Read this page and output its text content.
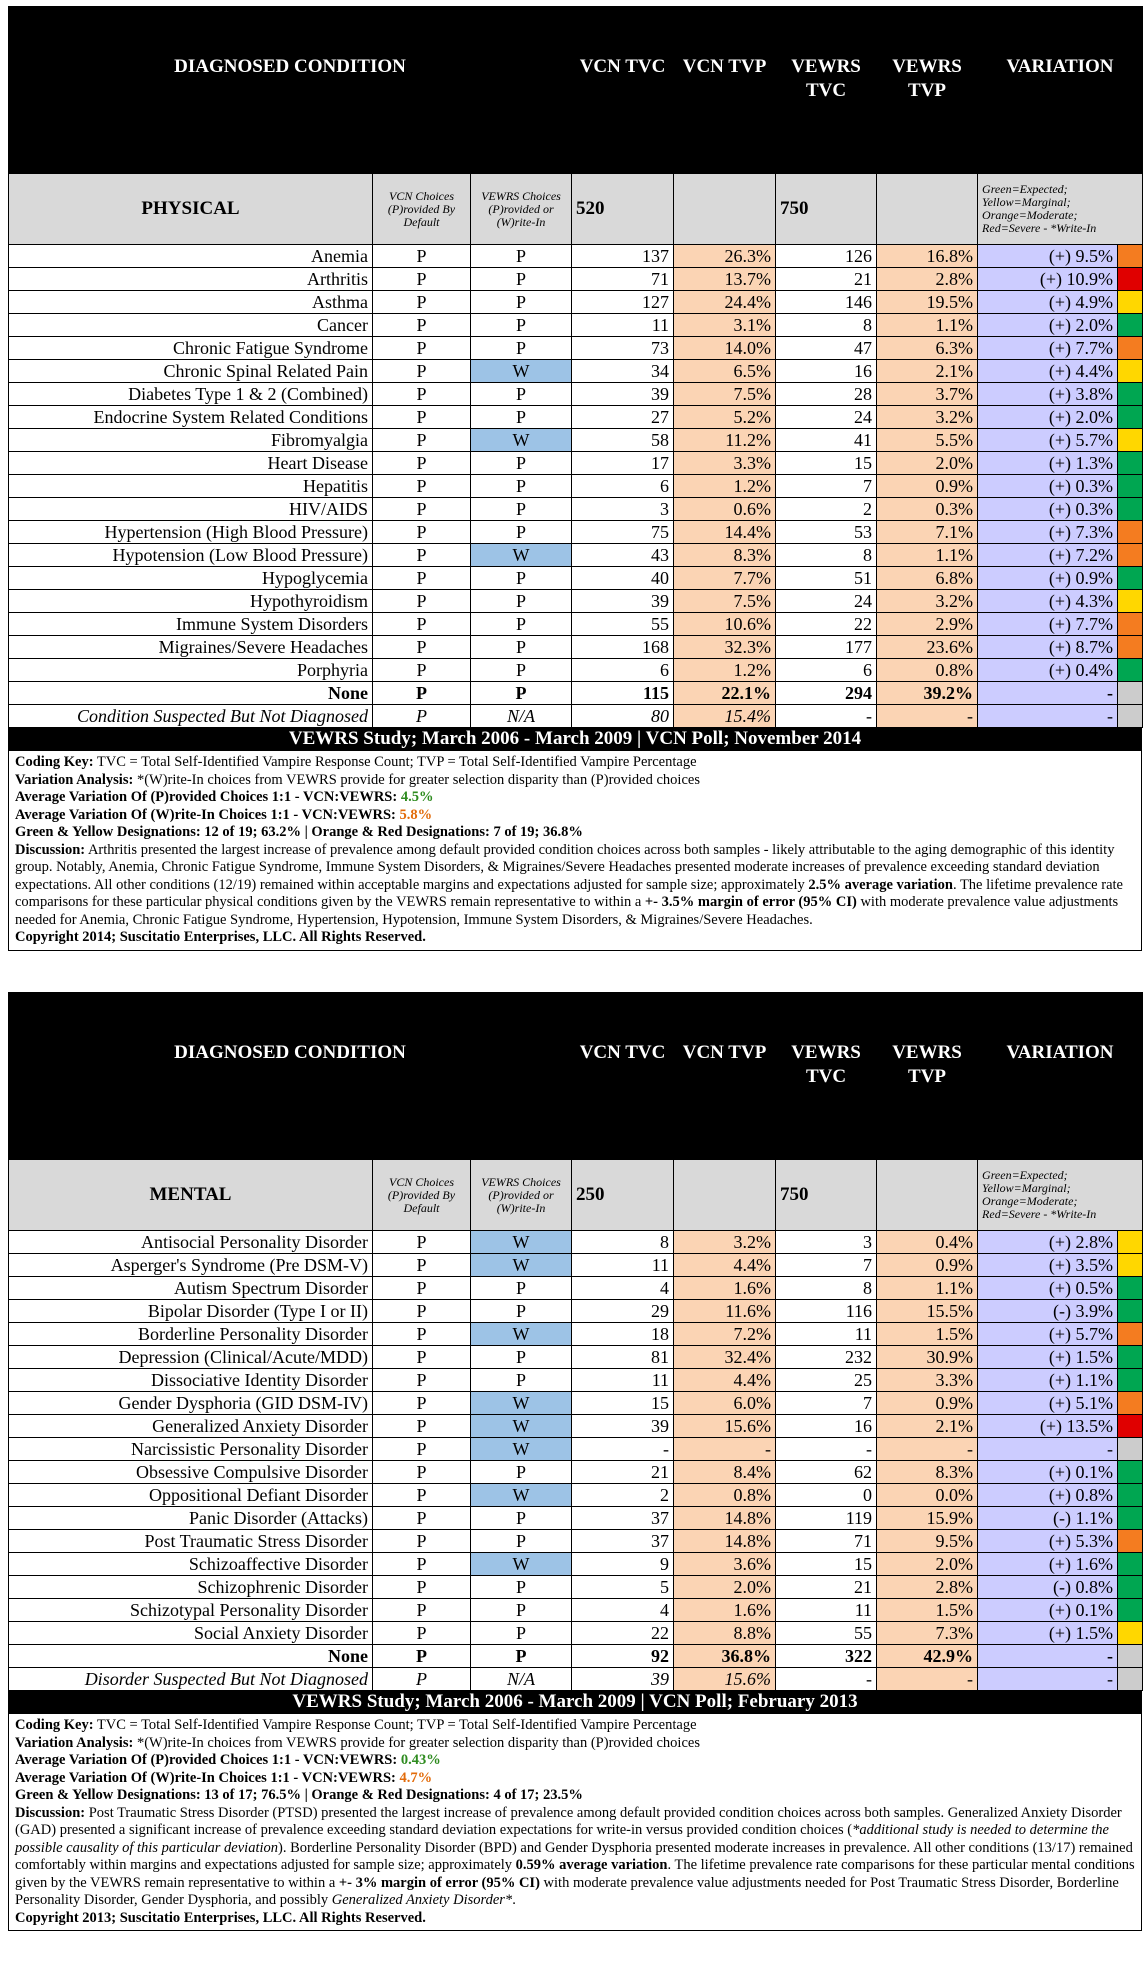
DIAGNOSED CONDITION			VCN TVC	VCN TVP	VEWRS TVC	VEWRS TVP	VARIATION	
PHYSICAL	VCN Choices (P)rovided By Default	VEWRS Choices (P)rovided or (W)rite-In	520		750		Green=Expected; Yellow=Marginal; Orange=Moderate; Red=Severe - *Write-In	
Anemia	P	P	137	26.3%	126	16.8%	(+) 9.5%	
Arthritis	P	P	71	13.7%	21	2.8%	(+) 10.9%	
Asthma	P	P	127	24.4%	146	19.5%	(+) 4.9%	
Cancer	P	P	11	3.1%	8	1.1%	(+) 2.0%	
Chronic Fatigue Syndrome	P	P	73	14.0%	47	6.3%	(+) 7.7%	
Chronic Spinal Related Pain	P	W	34	6.5%	16	2.1%	(+) 4.4%	
Diabetes Type 1 & 2 (Combined)	P	P	39	7.5%	28	3.7%	(+) 3.8%	
Endocrine System Related Conditions	P	P	27	5.2%	24	3.2%	(+) 2.0%	
Fibromyalgia	P	W	58	11.2%	41	5.5%	(+) 5.7%	
Heart Disease	P	P	17	3.3%	15	2.0%	(+) 1.3%	
Hepatitis	P	P	6	1.2%	7	0.9%	(+) 0.3%	
HIV/AIDS	P	P	3	0.6%	2	0.3%	(+) 0.3%	
Hypertension (High Blood Pressure)	P	P	75	14.4%	53	7.1%	(+) 7.3%	
Hypotension (Low Blood Pressure)	P	W	43	8.3%	8	1.1%	(+) 7.2%	
Hypoglycemia	P	P	40	7.7%	51	6.8%	(+) 0.9%	
Hypothyroidism	P	P	39	7.5%	24	3.2%	(+) 4.3%	
Immune System Disorders	P	P	55	10.6%	22	2.9%	(+) 7.7%	
Migraines/Severe Headaches	P	P	168	32.3%	177	23.6%	(+) 8.7%	
Porphyria	P	P	6	1.2%	6	0.8%	(+) 0.4%	
None	P	P	115	22.1%	294	39.2%	-	
Condition Suspected But Not Diagnosed	P	N/A	80	15.4%	-	-	-	
VEWRS Study; March 2006 - March 2009 | VCN Poll; November 2014

Coding Key: TVC = Total Self-Identified Vampire Response Count; TVP = Total Self-Identified Vampire Percentage

Variation Analysis: *(W)rite-In choices from VEWRS provide for greater selection disparity than (P)rovided choices

Average Variation Of (P)rovided Choices 1:1 - VCN:VEWRS: 4.5%

Average Variation Of (W)rite-In Choices 1:1 - VCN:VEWRS: 5.8%

Green & Yellow Designations: 12 of 19; 63.2% | Orange & Red Designations: 7 of 19; 36.8%

Discussion: Arthritis presented the largest increase of prevalence among default provided condition choices across both samples - likely attributable to the aging demographic of this identity group. Notably, Anemia, Chronic Fatigue Syndrome, Immune System Disorders, & Migraines/Severe Headaches presented moderate increases of prevalence exceeding standard deviation expectations. All other conditions (12/19) remained within acceptable margins and expectations adjusted for sample size; approximately 2.5% average variation. The lifetime prevalence rate comparisons for these particular physical conditions given by the VEWRS remain representative to within a +- 3.5% margin of error (95% CI) with moderate prevalence value adjustments needed for Anemia, Chronic Fatigue Syndrome, Hypertension, Hypotension, Immune System Disorders, & Migraines/Severe Headaches.

Copyright 2014; Suscitatio Enterprises, LLC. All Rights Reserved.

DIAGNOSED CONDITION			VCN TVC	VCN TVP	VEWRS TVC	VEWRS TVP	VARIATION	
MENTAL	VCN Choices (P)rovided By Default	VEWRS Choices (P)rovided or (W)rite-In	250		750		Green=Expected; Yellow=Marginal; Orange=Moderate; Red=Severe - *Write-In	
Antisocial Personality Disorder	P	W	8	3.2%	3	0.4%	(+) 2.8%	
Asperger's Syndrome (Pre DSM-V)	P	W	11	4.4%	7	0.9%	(+) 3.5%	
Autism Spectrum Disorder	P	P	4	1.6%	8	1.1%	(+) 0.5%	
Bipolar Disorder (Type I or II)	P	P	29	11.6%	116	15.5%	(-) 3.9%	
Borderline Personality Disorder	P	W	18	7.2%	11	1.5%	(+) 5.7%	
Depression (Clinical/Acute/MDD)	P	P	81	32.4%	232	30.9%	(+) 1.5%	
Dissociative Identity Disorder	P	P	11	4.4%	25	3.3%	(+) 1.1%	
Gender Dysphoria (GID DSM-IV)	P	W	15	6.0%	7	0.9%	(+) 5.1%	
Generalized Anxiety Disorder	P	W	39	15.6%	16	2.1%	(+) 13.5%	
Narcissistic Personality Disorder	P	W	-	-	-	-	-	
Obsessive Compulsive Disorder	P	P	21	8.4%	62	8.3%	(+) 0.1%	
Oppositional Defiant Disorder	P	W	2	0.8%	0	0.0%	(+) 0.8%	
Panic Disorder (Attacks)	P	P	37	14.8%	119	15.9%	(-) 1.1%	
Post Traumatic Stress Disorder	P	P	37	14.8%	71	9.5%	(+) 5.3%	
Schizoaffective Disorder	P	W	9	3.6%	15	2.0%	(+) 1.6%	
Schizophrenic Disorder	P	P	5	2.0%	21	2.8%	(-) 0.8%	
Schizotypal Personality Disorder	P	P	4	1.6%	11	1.5%	(+) 0.1%	
Social Anxiety Disorder	P	P	22	8.8%	55	7.3%	(+) 1.5%	
None	P	P	92	36.8%	322	42.9%	-	
Disorder Suspected But Not Diagnosed	P	N/A	39	15.6%	-	-	-	
VEWRS Study; March 2006 - March 2009 | VCN Poll; February 2013

Coding Key: TVC = Total Self-Identified Vampire Response Count; TVP = Total Self-Identified Vampire Percentage

Variation Analysis: *(W)rite-In choices from VEWRS provide for greater selection disparity than (P)rovided choices

Average Variation Of (P)rovided Choices 1:1 - VCN:VEWRS: 0.43%

Average Variation Of (W)rite-In Choices 1:1 - VCN:VEWRS: 4.7%

Green & Yellow Designations: 13 of 17; 76.5% | Orange & Red Designations: 4 of 17; 23.5%

Discussion: Post Traumatic Stress Disorder (PTSD) presented the largest increase of prevalence among default provided condition choices across both samples. Generalized Anxiety Disorder (GAD) presented a significant increase of prevalence exceeding standard deviation expectations for write-in versus provided condition choices (*additional study is needed to determine the possible causality of this particular deviation). Borderline Personality Disorder (BPD) and Gender Dysphoria presented moderate increases in prevalence. All other conditions (13/17) remained comfortably within margins and expectations adjusted for sample size; approximately 0.59% average variation. The lifetime prevalence rate comparisons for these particular mental conditions given by the VEWRS remain representative to within a +- 3% margin of error (95% CI) with moderate prevalence value adjustments needed for Post Traumatic Stress Disorder, Borderline Personality Disorder, Gender Dysphoria, and possibly Generalized Anxiety Disorder*.

Copyright 2013; Suscitatio Enterprises, LLC. All Rights Reserved.
